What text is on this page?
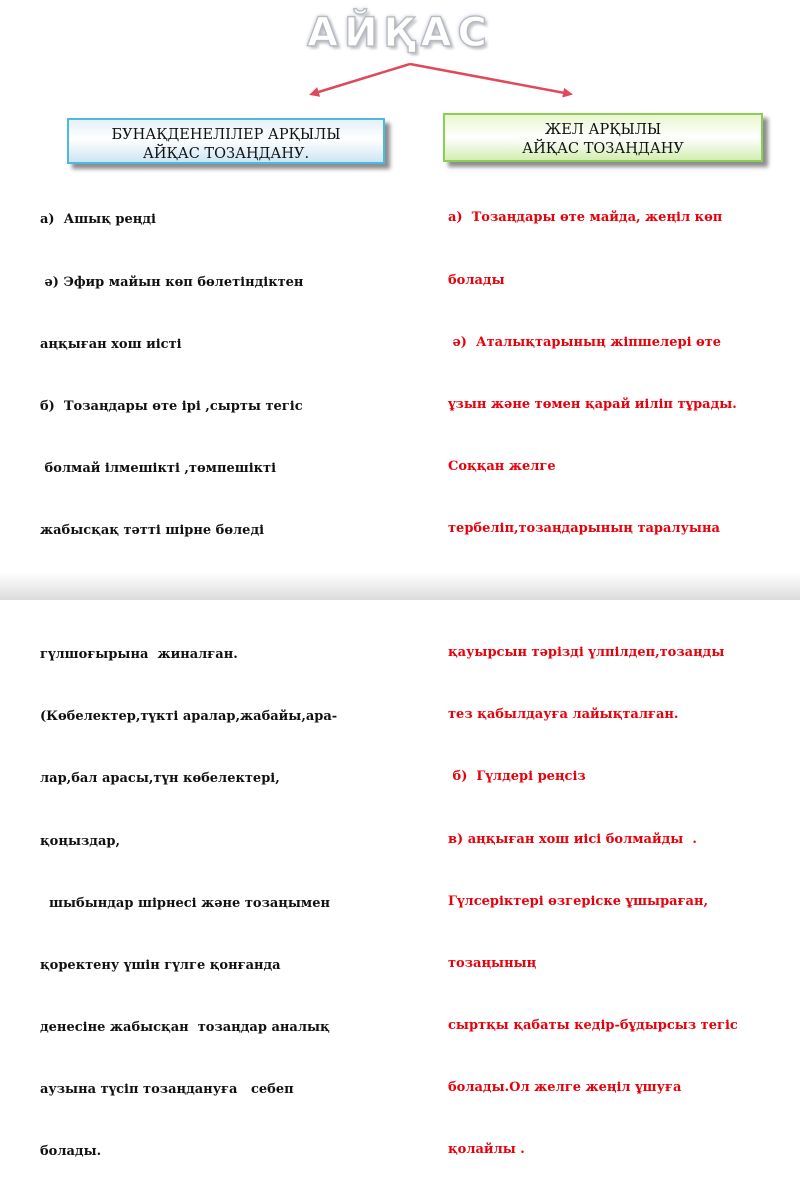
АЙҚАС
БУНАҚДЕНЕЛІЛЕР АРҚЫЛЫ
АЙҚАС ТОЗАҢДАНУ.
ЖЕЛ АРҚЫЛЫ
АЙҚАС ТОЗАҢДАНУ

а)  Ашық реңді

ә) Эфир майын көп бөлетіндіктен

аңқыған хош иісті

б)  Тозаңдары өте ірі ,сырты тегіс

болмай ілмешікті ,төмпешікті

жабысқақ тәтті шірне бөледі

гүлшоғырына  жиналған.

(Көбелектер,түкті аралар,жабайы,ара-

лар,бал арасы,түн көбелектері,

қоңыздар,

шыбындар шірнесі және тозаңымен

қоректену үшін гүлге қонғанда

денесіне жабысқан  тозаңдар аналық

аузына түсіп тозаңдануға   себеп

болады.

а)  Тозаңдары өте майда, жеңіл көп

болады

ә)  Аталықтарының жіпшелері өте

ұзын және төмен қарай иіліп тұрады.

Соққан желге

тербеліп,тозаңдарының таралуына

қауырсын тәрізді үлпілдеп,тозаңды

тез қабылдауға лайықталған.

б)  Гүлдері реңсіз

в) аңқыған хош иісі болмайды  .

Гүлсеріктері өзгеріске ұшыраған,

тозаңының

сыртқы қабаты кедір-бұдырсыз тегіс

болады.Ол желге жеңіл ұшуға

қолайлы .
